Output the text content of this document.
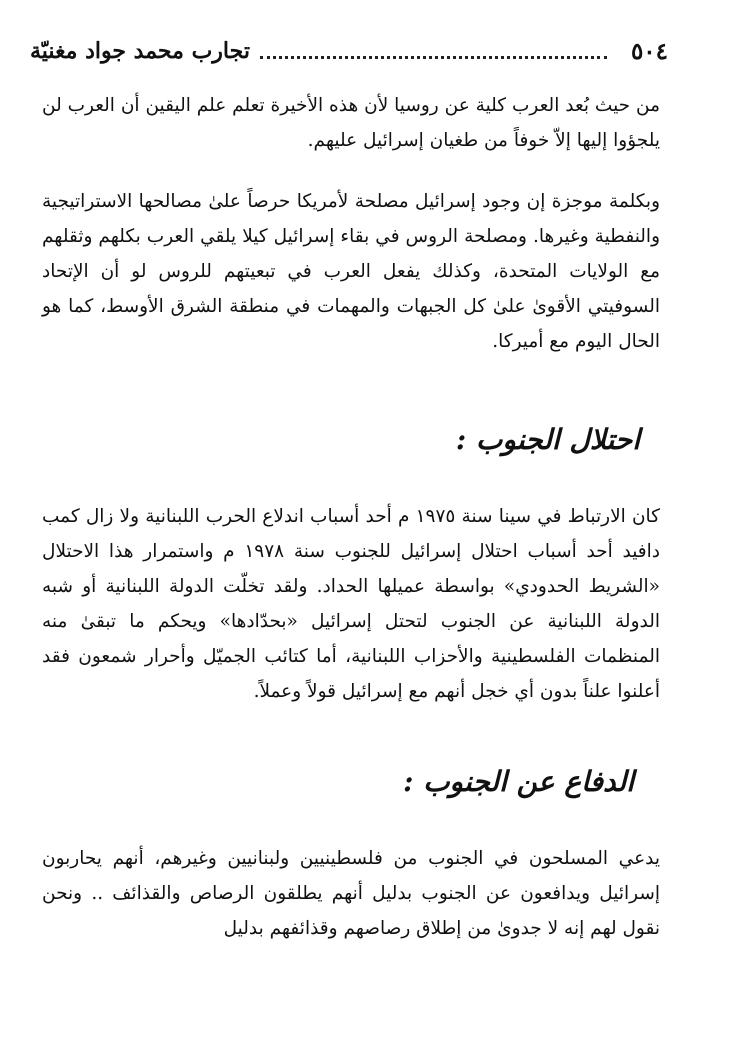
٥٠٤
تجارب محمد جواد مغنيّة

من حيث بُعد العرب كلية عن روسيا لأن هذه الأخيرة تعلم علم اليقين أن العرب لن يلجؤوا إليها إلاّ خوفاً من طغيان إسرائيل عليهم.

وبكلمة موجزة إن وجود إسرائيل مصلحة لأمريكا حرصاً علىٰ مصالحها الاستراتيجية والنفطية وغيرها. ومصلحة الروس في بقاء إسرائيل كيلا يلقي العرب بكلهم وثقلهم مع الولايات المتحدة، وكذلك يفعل العرب في تبعيتهم للروس لو أن الإتحاد السوفيتي الأقوىٰ علىٰ كل الجبهات والمهمات في منطقة الشرق الأوسط، كما هو الحال اليوم مع أميركا.

احتلال الجنوب :

كان الارتباط في سينا سنة ١٩٧٥ م أحد أسباب اندلاع الحرب اللبنانية ولا زال كمب دافيد أحد أسباب احتلال إسرائيل للجنوب سنة ١٩٧٨ م واستمرار هذا الاحتلال «الشريط الحدودي» بواسطة عميلها الحداد. ولقد تخلّت الدولة اللبنانية أو شبه الدولة اللبنانية عن الجنوب لتحتل إسرائيل «بحدّادها» ويحكم ما تبقىٰ منه المنظمات الفلسطينية والأحزاب اللبنانية، أما كتائب الجميّل وأحرار شمعون فقد أعلنوا علناً بدون أي خجل أنهم مع إسرائيل قولاً وعملاً.

الدفاع عن الجنوب :

يدعي المسلحون في الجنوب من فلسطينيين ولبنانيين وغيرهم، أنهم يحاربون إسرائيل ويدافعون عن الجنوب بدليل أنهم يطلقون الرصاص والقذائف .. ونحن نقول لهم إنه لا جدوىٰ من إطلاق رصاصهم وقذائفهم بدليل
